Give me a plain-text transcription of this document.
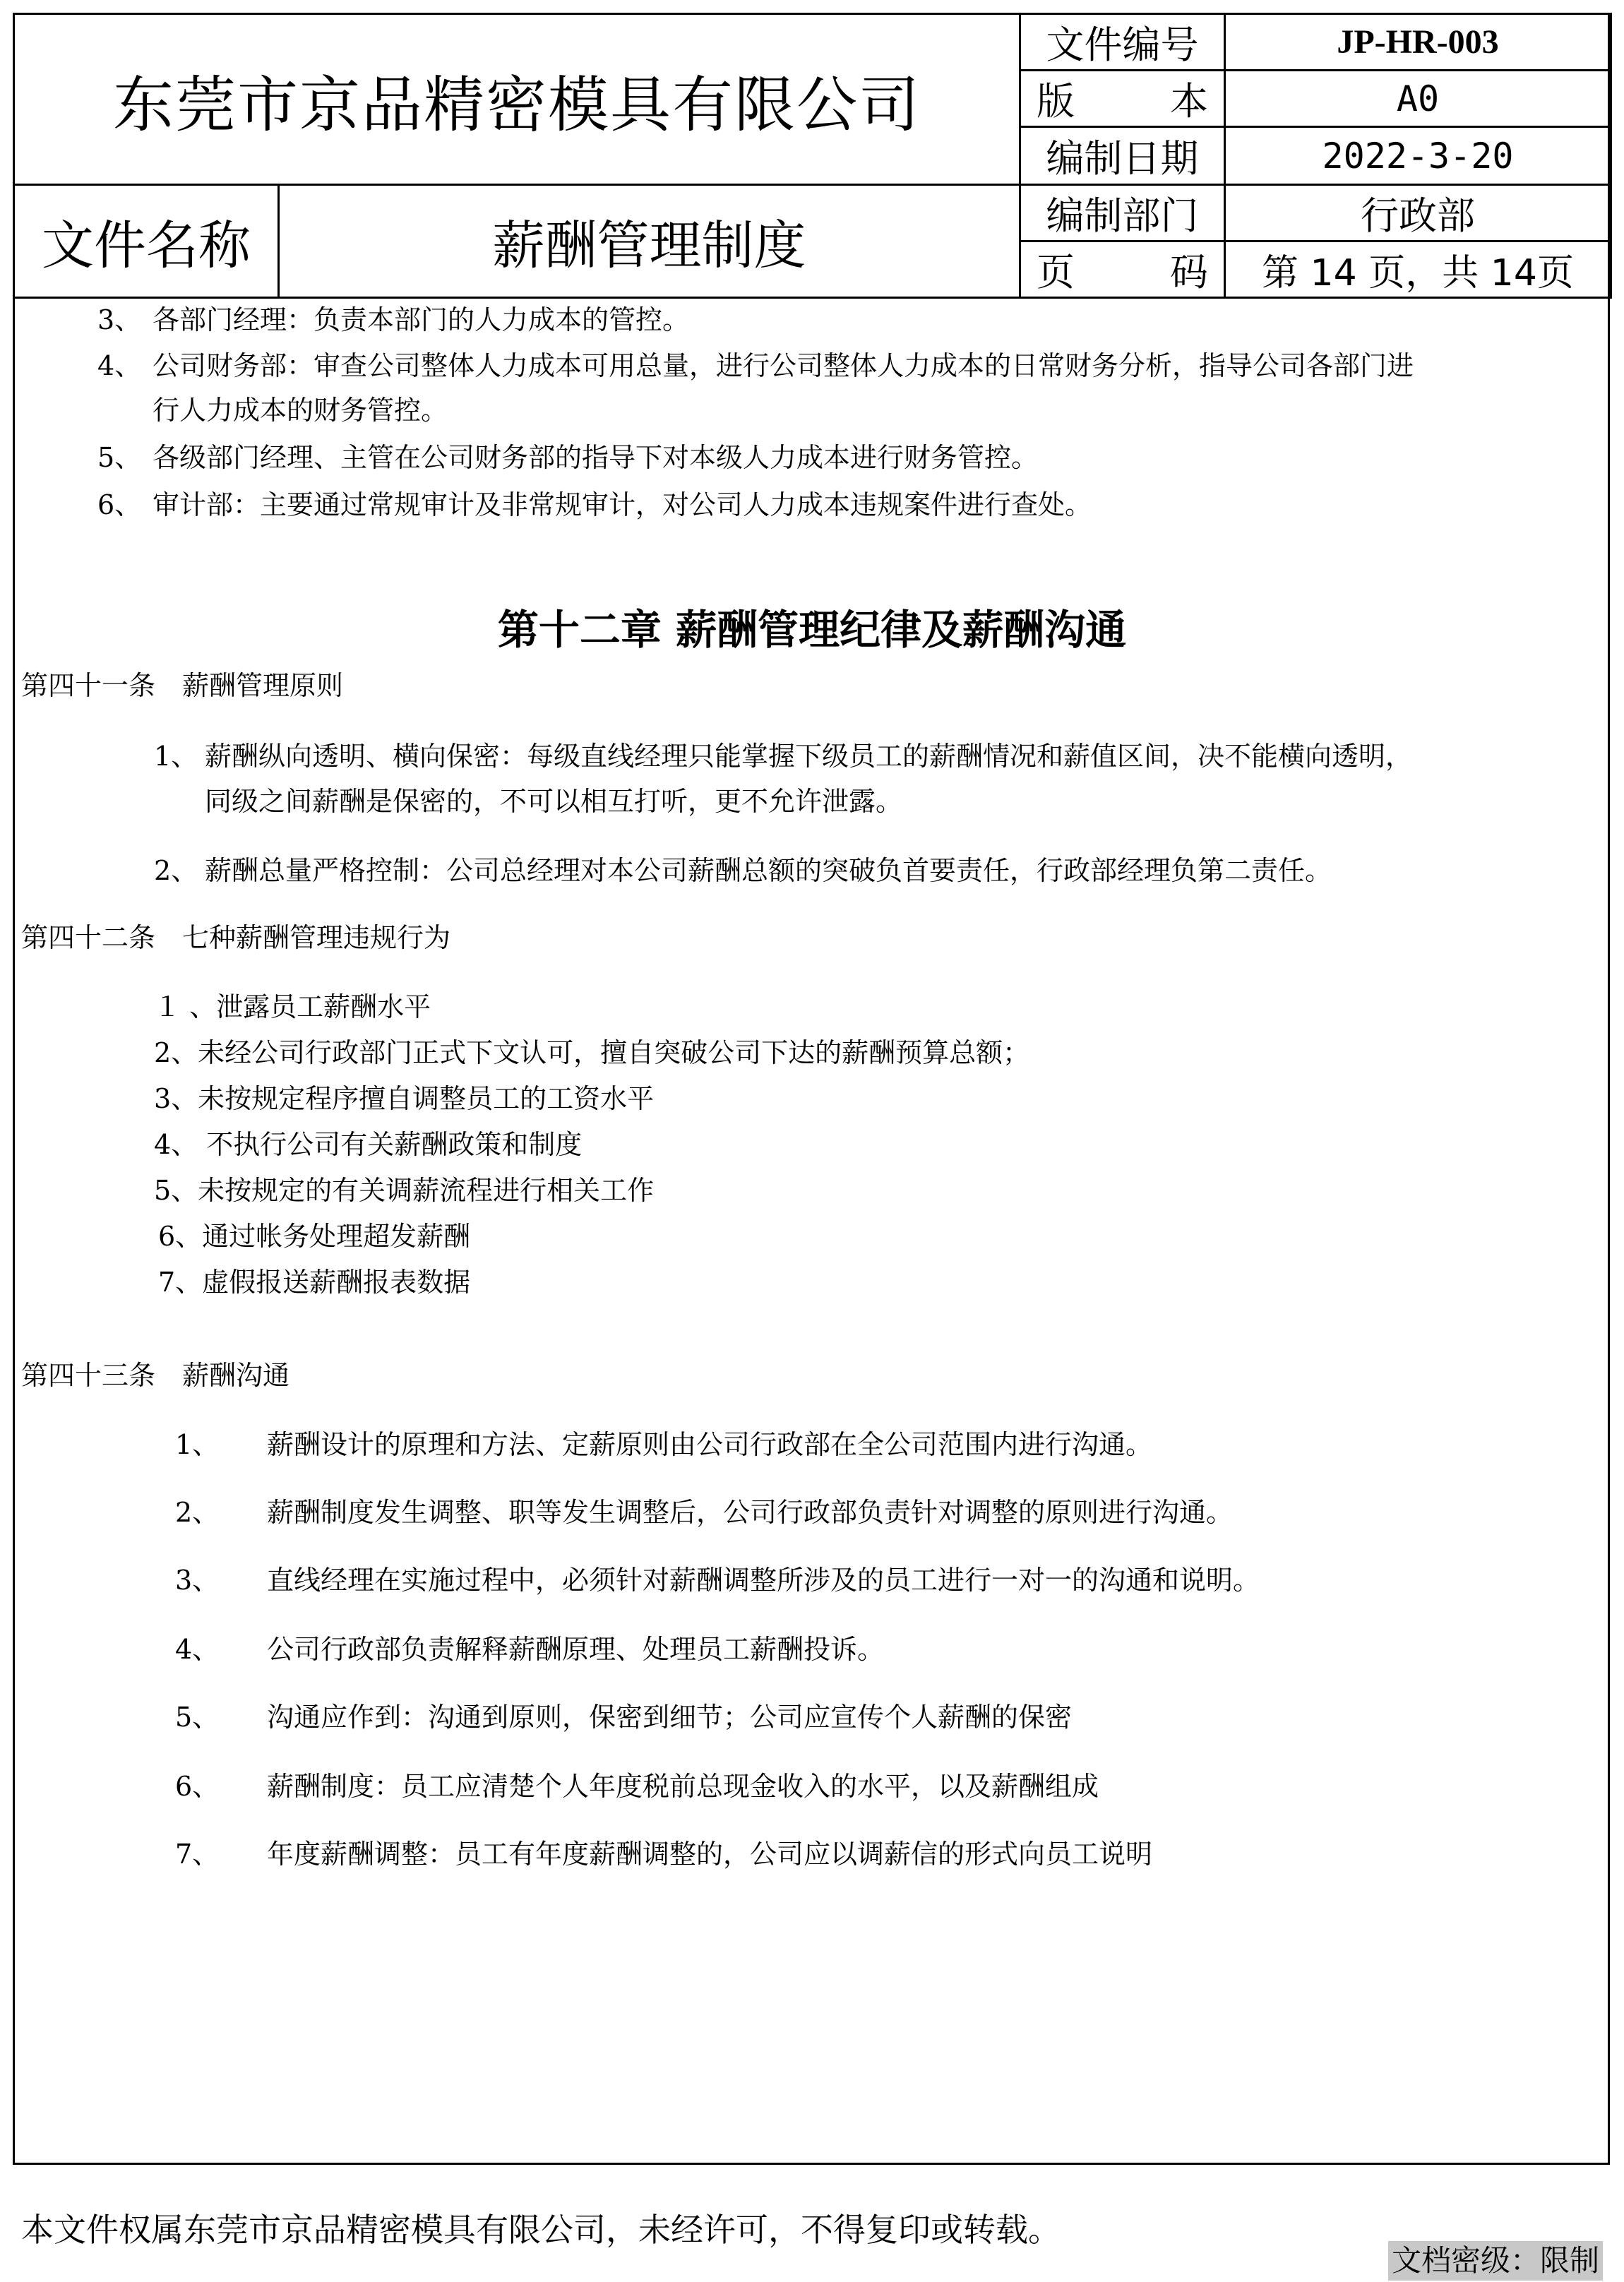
东莞市京品精密模具有限公司		文件编号	JP-HR-003

		版 本	A0
		编制日期	2022-3-20
文件名称	薪酬管理制度	编制部门	行政部

		页 码	第 14 页，共 14页
3、 各部门经理：负责本部门的人力成本的管控。
4、 公司财务部：审查公司整体人力成本可用总量，进行公司整体人力成本的日常财务分析，指导公司各部门进
行人力成本的财务管控。
5、 各级部门经理、主管在公司财务部的指导下对本级人力成本进行财务管控。
6、 审计部：主要通过常规审计及非常规审计，对公司人力成本违规案件进行查处。
第十二章 薪酬管理纪律及薪酬沟通
第四十一条　薪酬管理原则
1、 薪酬纵向透明、横向保密：每级直线经理只能掌握下级员工的薪酬情况和薪值区间，决不能横向透明，
同级之间薪酬是保密的，不可以相互打听，更不允许泄露。
2、 薪酬总量严格控制：公司总经理对本公司薪酬总额的突破负首要责任，行政部经理负第二责任。
第四十二条　七种薪酬管理违规行为
１ 、泄露员工薪酬水平
2、未经公司行政部门正式下文认可，擅自突破公司下达的薪酬预算总额；
3、未按规定程序擅自调整员工的工资水平
4、 不执行公司有关薪酬政策和制度
5、未按规定的有关调薪流程进行相关工作
6、通过帐务处理超发薪酬
7、虚假报送薪酬报表数据
第四十三条　薪酬沟通
1、 薪酬设计的原理和方法、定薪原则由公司行政部在全公司范围内进行沟通。
2、 薪酬制度发生调整、职等发生调整后，公司行政部负责针对调整的原则进行沟通。
3、 直线经理在实施过程中，必须针对薪酬调整所涉及的员工进行一对一的沟通和说明。
4、 公司行政部负责解释薪酬原理、处理员工薪酬投诉。
5、 沟通应作到：沟通到原则，保密到细节；公司应宣传个人薪酬的保密
6、 薪酬制度：员工应清楚个人年度税前总现金收入的水平，以及薪酬组成
7、 年度薪酬调整：员工有年度薪酬调整的，公司应以调薪信的形式向员工说明
本文件权属东莞市京品精密模具有限公司，未经许可，不得复印或转载。
文档密级：限制
